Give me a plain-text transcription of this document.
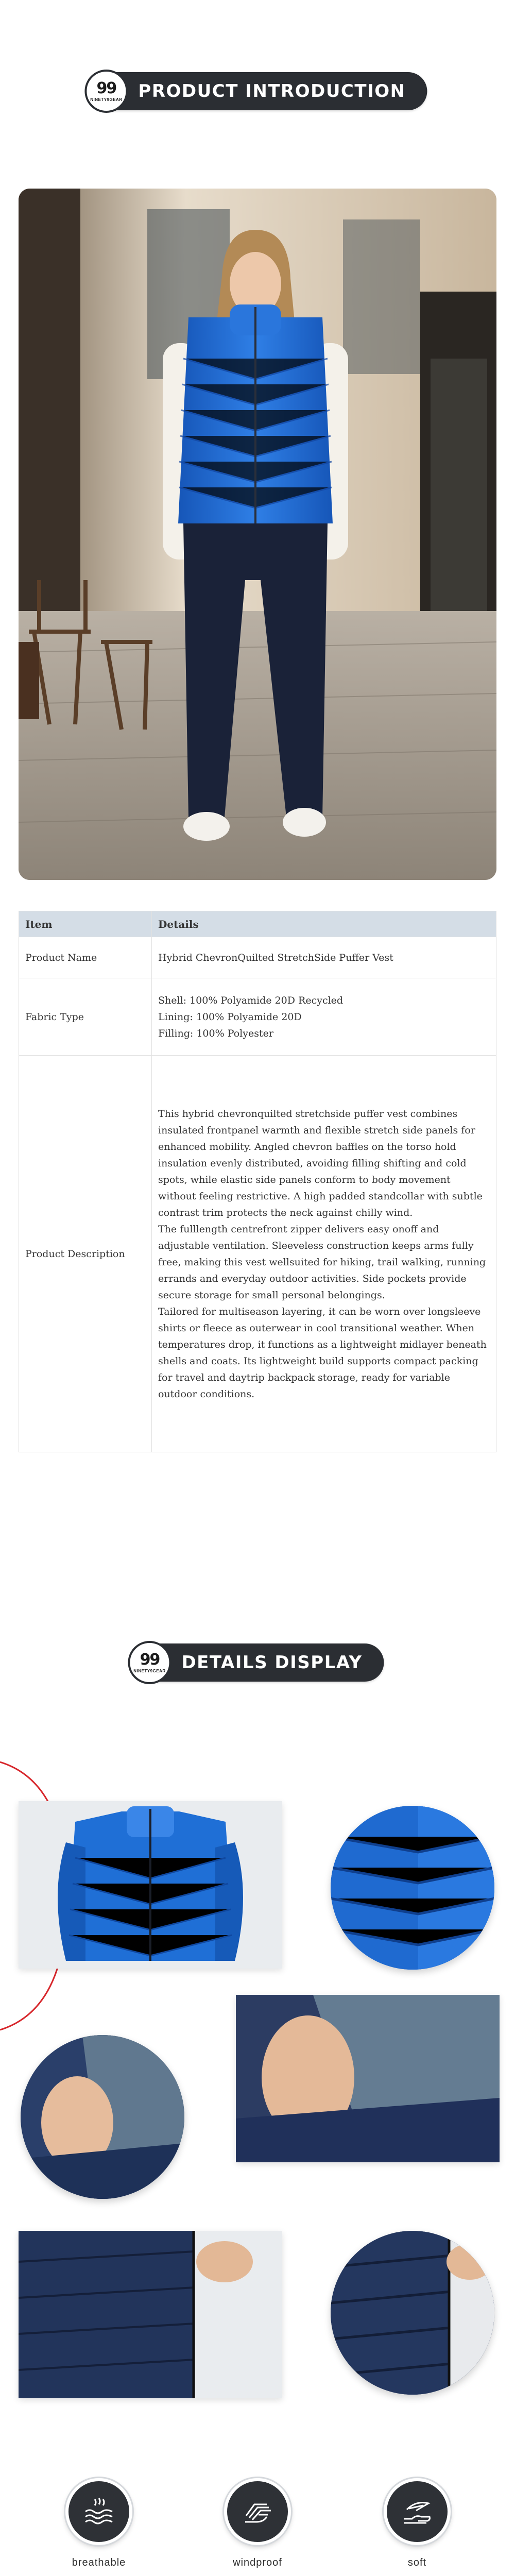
99
NINETY9GEAR PRODUCT INTRODUCTION
Item	Details
Product Name	Hybrid ChevronQuilted StretchSide Puffer Vest
Fabric Type	Shell: 100% Polyamide 20D Recycled
Lining: 100% Polyamide 20D
Filling: 100% Polyester

Product Description	This hybrid chevronquilted stretchside puffer vest combines insulated frontpanel warmth and flexible stretch side panels for enhanced mobility. Angled chevron baffles on the torso hold insulation evenly distributed, avoiding filling shifting and cold spots, while elastic side panels conform to body movement without feeling restrictive. A high padded standcollar with subtle contrast trim protects the neck against chilly wind.

The fulllength centrefront zipper delivers easy onoff and adjustable ventilation. Sleeveless construction keeps arms fully free, making this vest wellsuited for hiking, trail walking, running errands and everyday outdoor activities. Side pockets provide secure storage for small personal belongings.

Tailored for multiseason layering, it can be worn over longsleeve shirts or fleece as outerwear in cool transitional weather. When temperatures drop, it functions as a lightweight midlayer beneath shells and coats. Its lightweight build supports compact packing for travel and daytrip backpack storage, ready for variable outdoor conditions.

99
NINETY9GEAR DETAILS DISPLAY
breathable	windproof	soft
